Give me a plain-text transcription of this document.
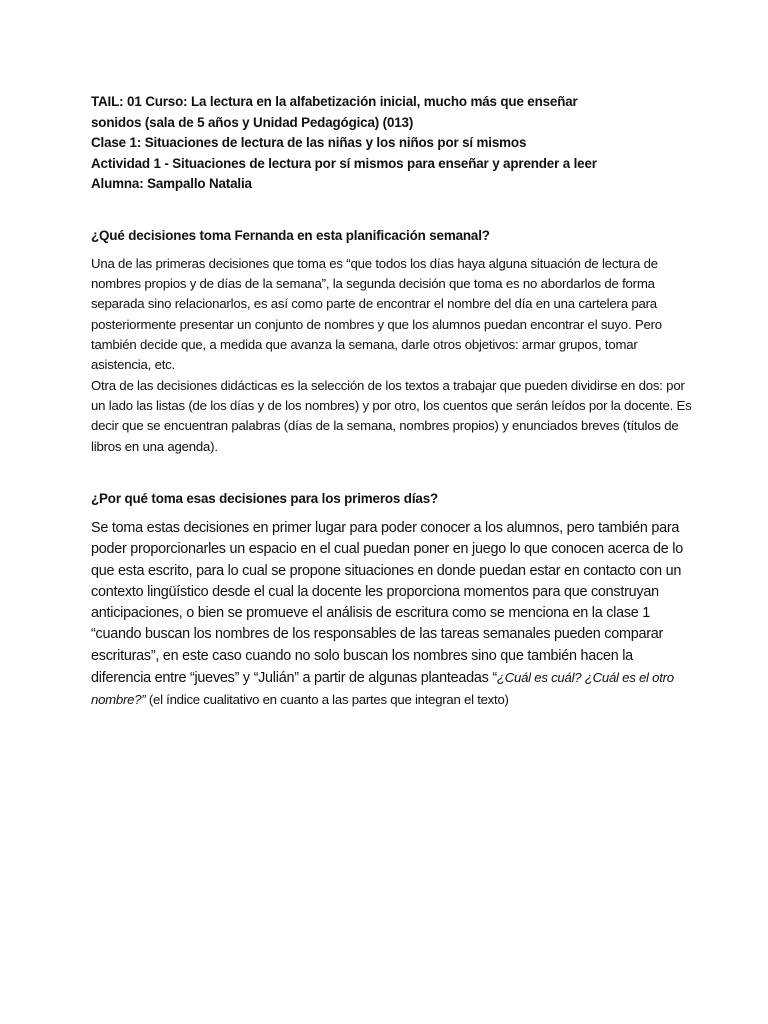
TAIL: 01 Curso: La lectura en la alfabetización inicial, mucho más que enseñar
sonidos (sala de 5 años y Unidad Pedagógica) (013)
Clase 1: Situaciones de lectura de las niñas y los niños por sí mismos
Actividad 1 - Situaciones de lectura por sí mismos para enseñar y aprender a leer
Alumna: Sampallo Natalia
¿Qué decisiones toma Fernanda en esta planificación semanal?
Una de las primeras decisiones que toma es “que todos los días haya alguna situación de lectura de
nombres propios y de días de la semana”, la segunda decisión que toma es no abordarlos de forma
separada sino relacionarlos, es así como parte de encontrar el nombre del día en una cartelera para
posteriormente presentar un conjunto de nombres y que los alumnos puedan encontrar el suyo. Pero
también decide que, a medida que avanza la semana, darle otros objetivos: armar grupos, tomar
asistencia, etc.
Otra de las decisiones didácticas es la selección de los textos a trabajar que pueden dividirse en dos: por
un lado las listas (de los días y de los nombres) y por otro, los cuentos que serán leídos por la docente. Es
decir que se encuentran palabras (días de la semana, nombres propios) y enunciados breves (títulos de
libros en una agenda).
¿Por qué toma esas decisiones para los primeros días?
Se toma estas decisiones en primer lugar para poder conocer a los alumnos, pero también para
poder proporcionarles un espacio en el cual puedan poner en juego lo que conocen acerca de lo
que esta escrito, para lo cual se propone situaciones en donde puedan estar en contacto con un
contexto lingüístico desde el cual la docente les proporciona momentos para que construyan
anticipaciones, o bien se promueve el análisis de escritura como se menciona en la clase 1
“cuando buscan los nombres de los responsables de las tareas semanales pueden comparar
escrituras”, en este caso cuando no solo buscan los nombres sino que también hacen la
diferencia entre “jueves” y “Julián” a partir de algunas planteadas “¿Cuál es cuál? ¿Cuál es el otro
nombre?” (el índice cualitativo en cuanto a las partes que integran el texto)
